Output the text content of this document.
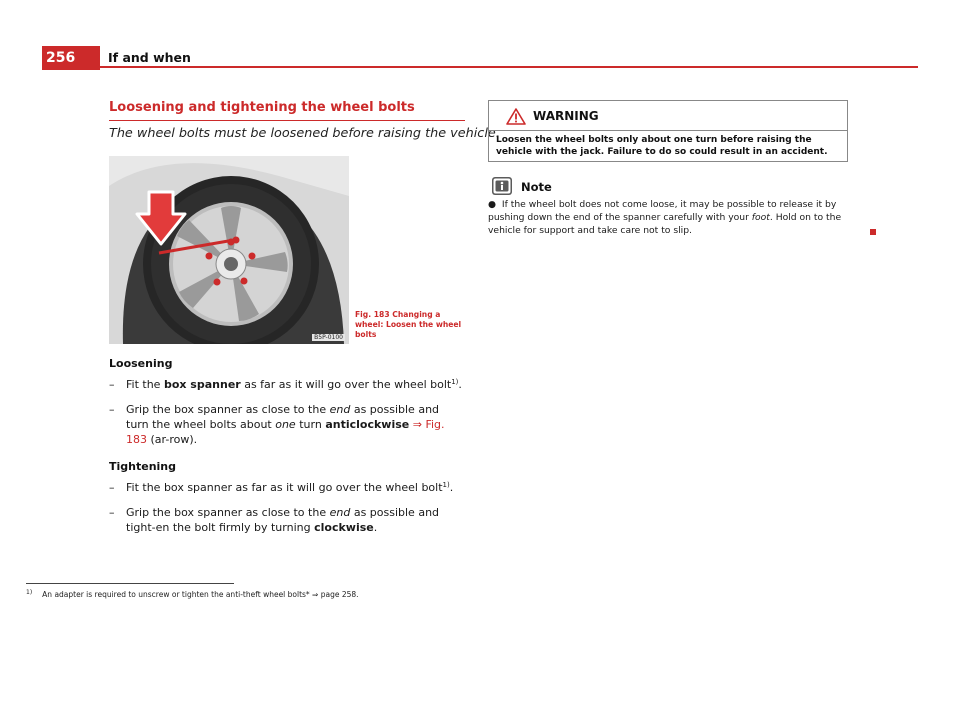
256	If and when
Loosening and tightening the wheel bolts
The wheel bolts must be loosened before raising the vehicle.
B5P-0100
Fig. 183 Changing a wheel: Loosen the wheel bolts
Loosening
– Fit the box spanner as far as it will go over the wheel bolt$^{1)}$.
– Grip the box spanner as close to the end as possible and turn the wheel bolts about one turn anticlockwise ⇒ Fig. 183 (ar-row).
Tightening
– Fit the box spanner as far as it will go over the wheel bolt$^{1)}$.
– Grip the box spanner as close to the end as possible and tight-en the bolt firmly by turning clockwise.
WARNING
Loosen the wheel bolts only about one turn before raising the vehicle with the jack. Failure to do so could result in an accident.
Note
● If the wheel bolt does not come loose, it may be possible to release it by pushing down the end of the spanner carefully with your foot. Hold on to the vehicle for support and take care not to slip.
$^{1)}$ An adapter is required to unscrew or tighten the anti-theft wheel bolts* ⇒ page 258.
